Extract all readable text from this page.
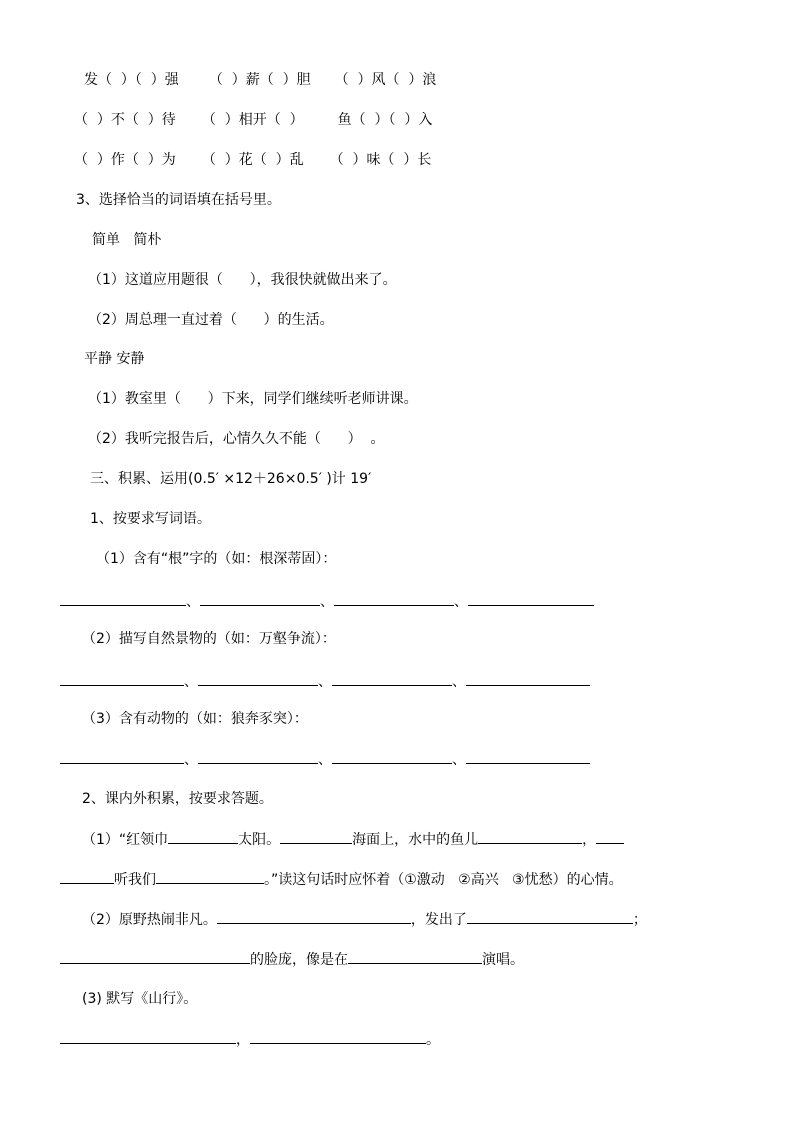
发（  ）（  ）强 （  ）薪（  ）胆 （  ）风（  ）浪
（  ）不（  ）待 （  ）相开（  ） 鱼（  ）（  ）入
（  ）作（  ）为 （  ）花（  ）乱 （  ）味（  ）长
3、选择恰当的词语填在括号里。
简单   简朴
（1）这道应用题很（      ），我很快就做出来了。
（2）周总理一直过着（      ）的生活。
平静 安静
（1）教室里（      ）下来，同学们继续听老师讲课。
（2）我听完报告后，心情久久不能（      ）  。
三、积累、运用(0.5′ ×12＋26×0.5′ )计 19′
1、按要求写词语。
（1）含有“根”字的（如：根深蒂固）：
、	、	、
（2）描写自然景物的（如：万壑争流）：
、	、	、
（3）含有动物的（如：狼奔豕突）：
、	、	、
2、课内外积累，按要求答题。
（1）“红领巾	太阳。	海面上，水中的鱼儿	，
听我们	。”读这句话时应怀着（①激动   ②高兴   ③忧愁）的心情。
（2）原野热闹非凡。	，发出了	；
的脸庞，像是在	演唱。
(3) 默写《山行》。
，	。
